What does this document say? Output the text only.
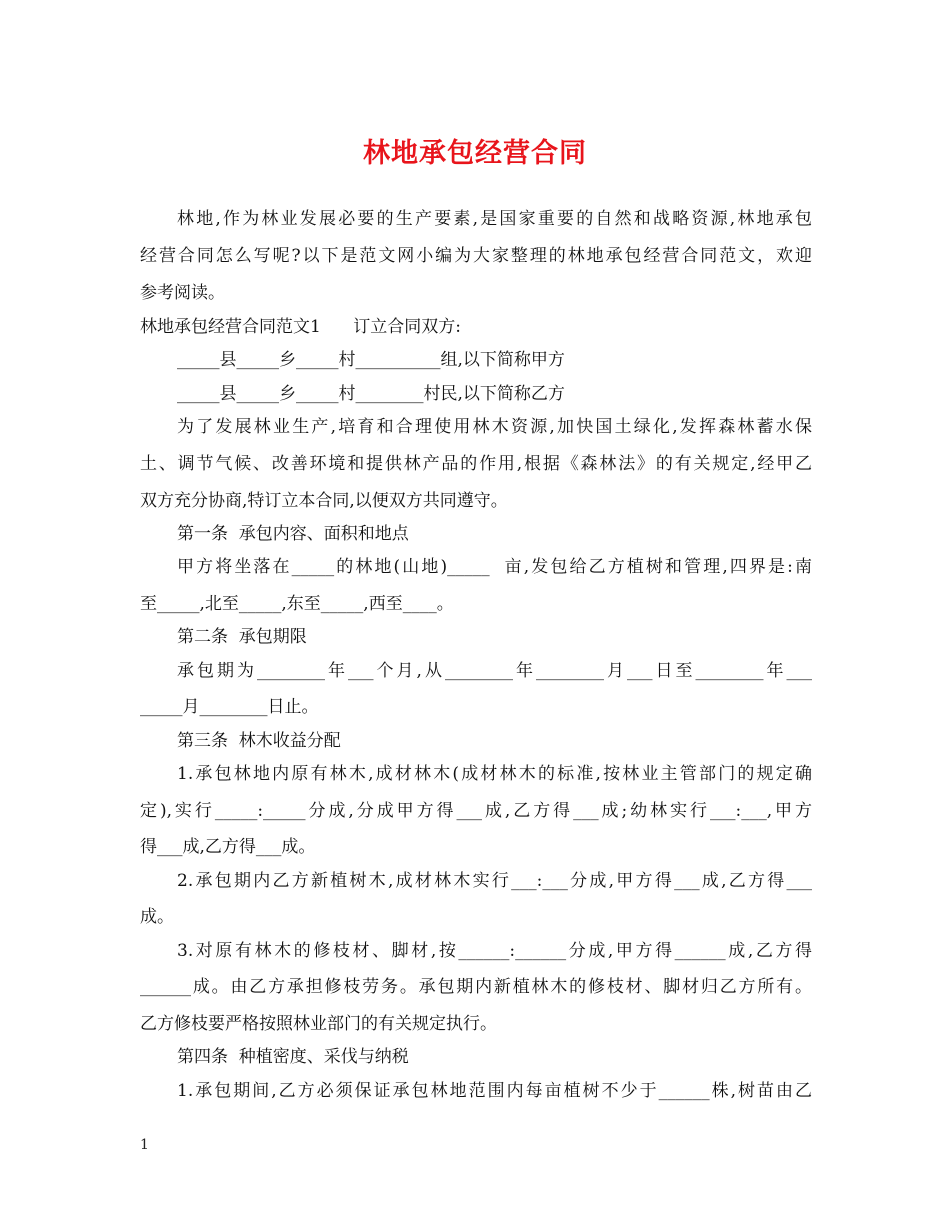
林地承包经营合同
林地,作为林业发展必要的生产要素,是国家重要的自然和战略资源,林地承包
经营合同怎么写呢?以下是范文网小编为大家整理的林地承包经营合同范文，欢迎
参考阅读。
林地承包经营合同范文1      订立合同双方:
_____县_____乡_____村__________组,以下简称甲方
_____县_____乡_____村________村民,以下简称乙方
为了发展林业生产,培育和合理使用林木资源,加快国土绿化,发挥森林蓄水保
土、调节气候、改善环境和提供林产品的作用,根据《森林法》的有关规定,经甲乙
双方充分协商,特订立本合同,以便双方共同遵守。
第一条  承包内容、面积和地点
甲方将坐落在_____的林地(山地)_____  亩,发包给乙方植树和管理,四界是:南
至_____,北至_____,东至_____,西至____。
第二条  承包期限
承包期为________年___个月,从________年________月___日至________年___
_____月________日止。
第三条  林木收益分配
1.承包林地内原有林木,成材林木(成材林木的标准,按林业主管部门的规定确
定),实行_____:_____分成,分成甲方得___成,乙方得___成;幼林实行___:___,甲方
得___成,乙方得___成。
2.承包期内乙方新植树木,成材林木实行___:___分成,甲方得___成,乙方得___
成。
3.对原有林木的修枝材、脚材,按______:______分成,甲方得______成,乙方得
______成。由乙方承担修枝劳务。承包期内新植林木的修枝材、脚材归乙方所有。
乙方修枝要严格按照林业部门的有关规定执行。
第四条  种植密度、采伐与纳税
1.承包期间,乙方必须保证承包林地范围内每亩植树不少于______株,树苗由乙
1
